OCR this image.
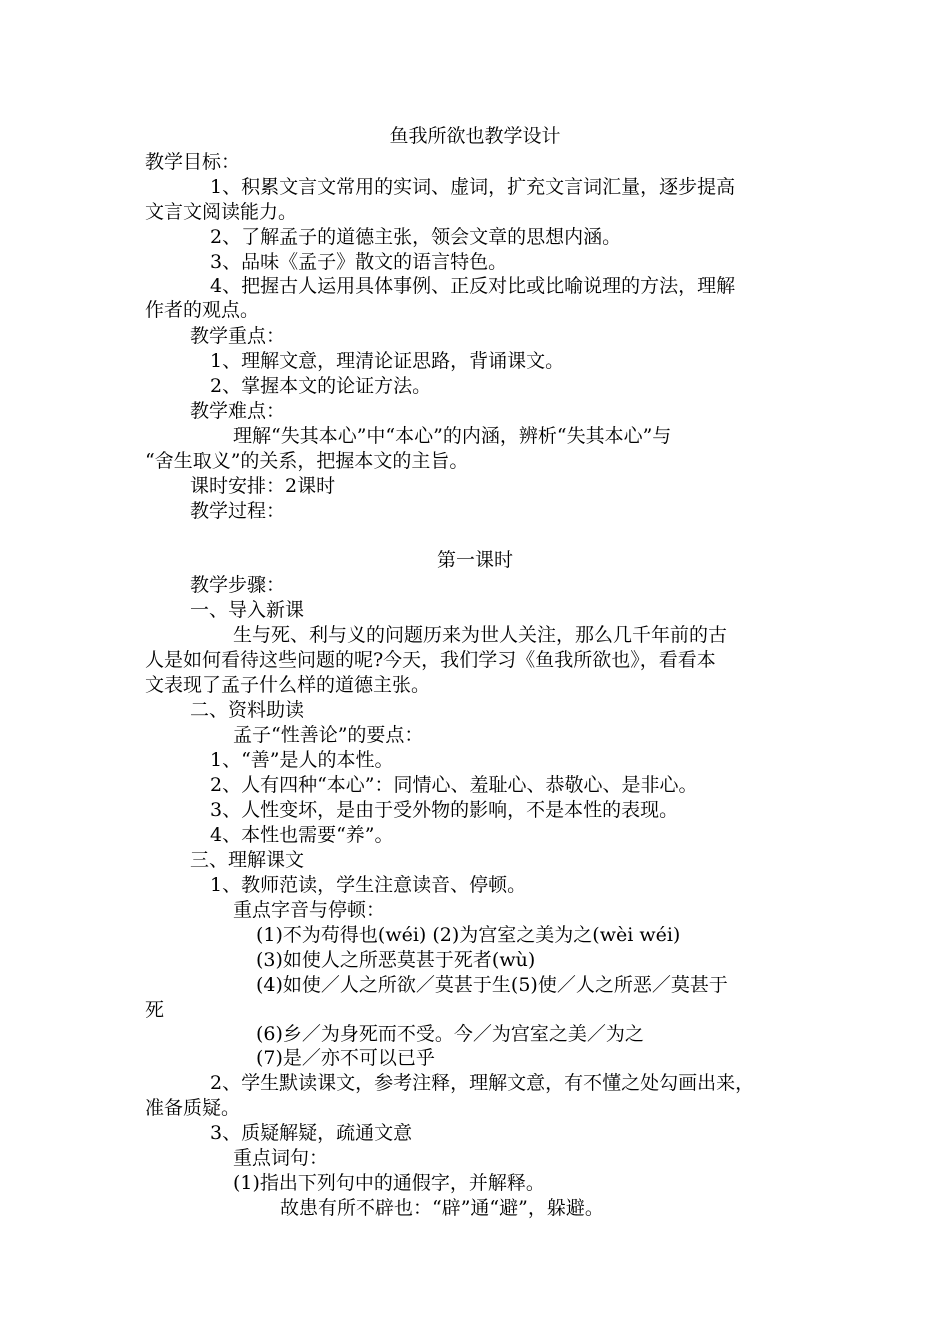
鱼我所欲也教学设计
教学目标：
1、积累文言文常用的实词、虚词，扩充文言词汇量，逐步提高
文言文阅读能力。
2、了解孟子的道德主张，领会文章的思想内涵。
3、品味《孟子》散文的语言特色。
4、把握古人运用具体事例、正反对比或比喻说理的方法，理解
作者的观点。
教学重点：
1、理解文意，理清论证思路，背诵课文。
2、掌握本文的论证方法。
教学难点：
理解“失其本心”中“本心”的内涵，辨析“失其本心”与
“舍生取义”的关系，把握本文的主旨。
课时安排：2课时
教学过程：
第一课时
教学步骤：
一、导入新课
生与死、利与义的问题历来为世人关注，那么几千年前的古
人是如何看待这些问题的呢?今天，我们学习《鱼我所欲也》，看看本
文表现了孟子什么样的道德主张。
二、资料助读
孟子“性善论”的要点：
1、“善”是人的本性。
2、人有四种“本心”：同情心、羞耻心、恭敬心、是非心。
3、人性变坏，是由于受外物的影响，不是本性的表现。
4、本性也需要“养”。
三、理解课文
1、教师范读，学生注意读音、停顿。
重点字音与停顿：
(1)不为苟得也(wéi) (2)为宫室之美为之(wèi wéi)
(3)如使人之所恶莫甚于死者(wù)
(4)如使／人之所欲／莫甚于生(5)使／人之所恶／莫甚于
死
(6)乡／为身死而不受。今／为宫室之美／为之
(7)是／亦不可以已乎
2、学生默读课文，参考注释，理解文意，有不懂之处勾画出来，
准备质疑。
3、质疑解疑，疏通文意
重点词句：
(1)指出下列句中的通假字，并解释。
故患有所不辟也：“辟”通“避”，躲避。
